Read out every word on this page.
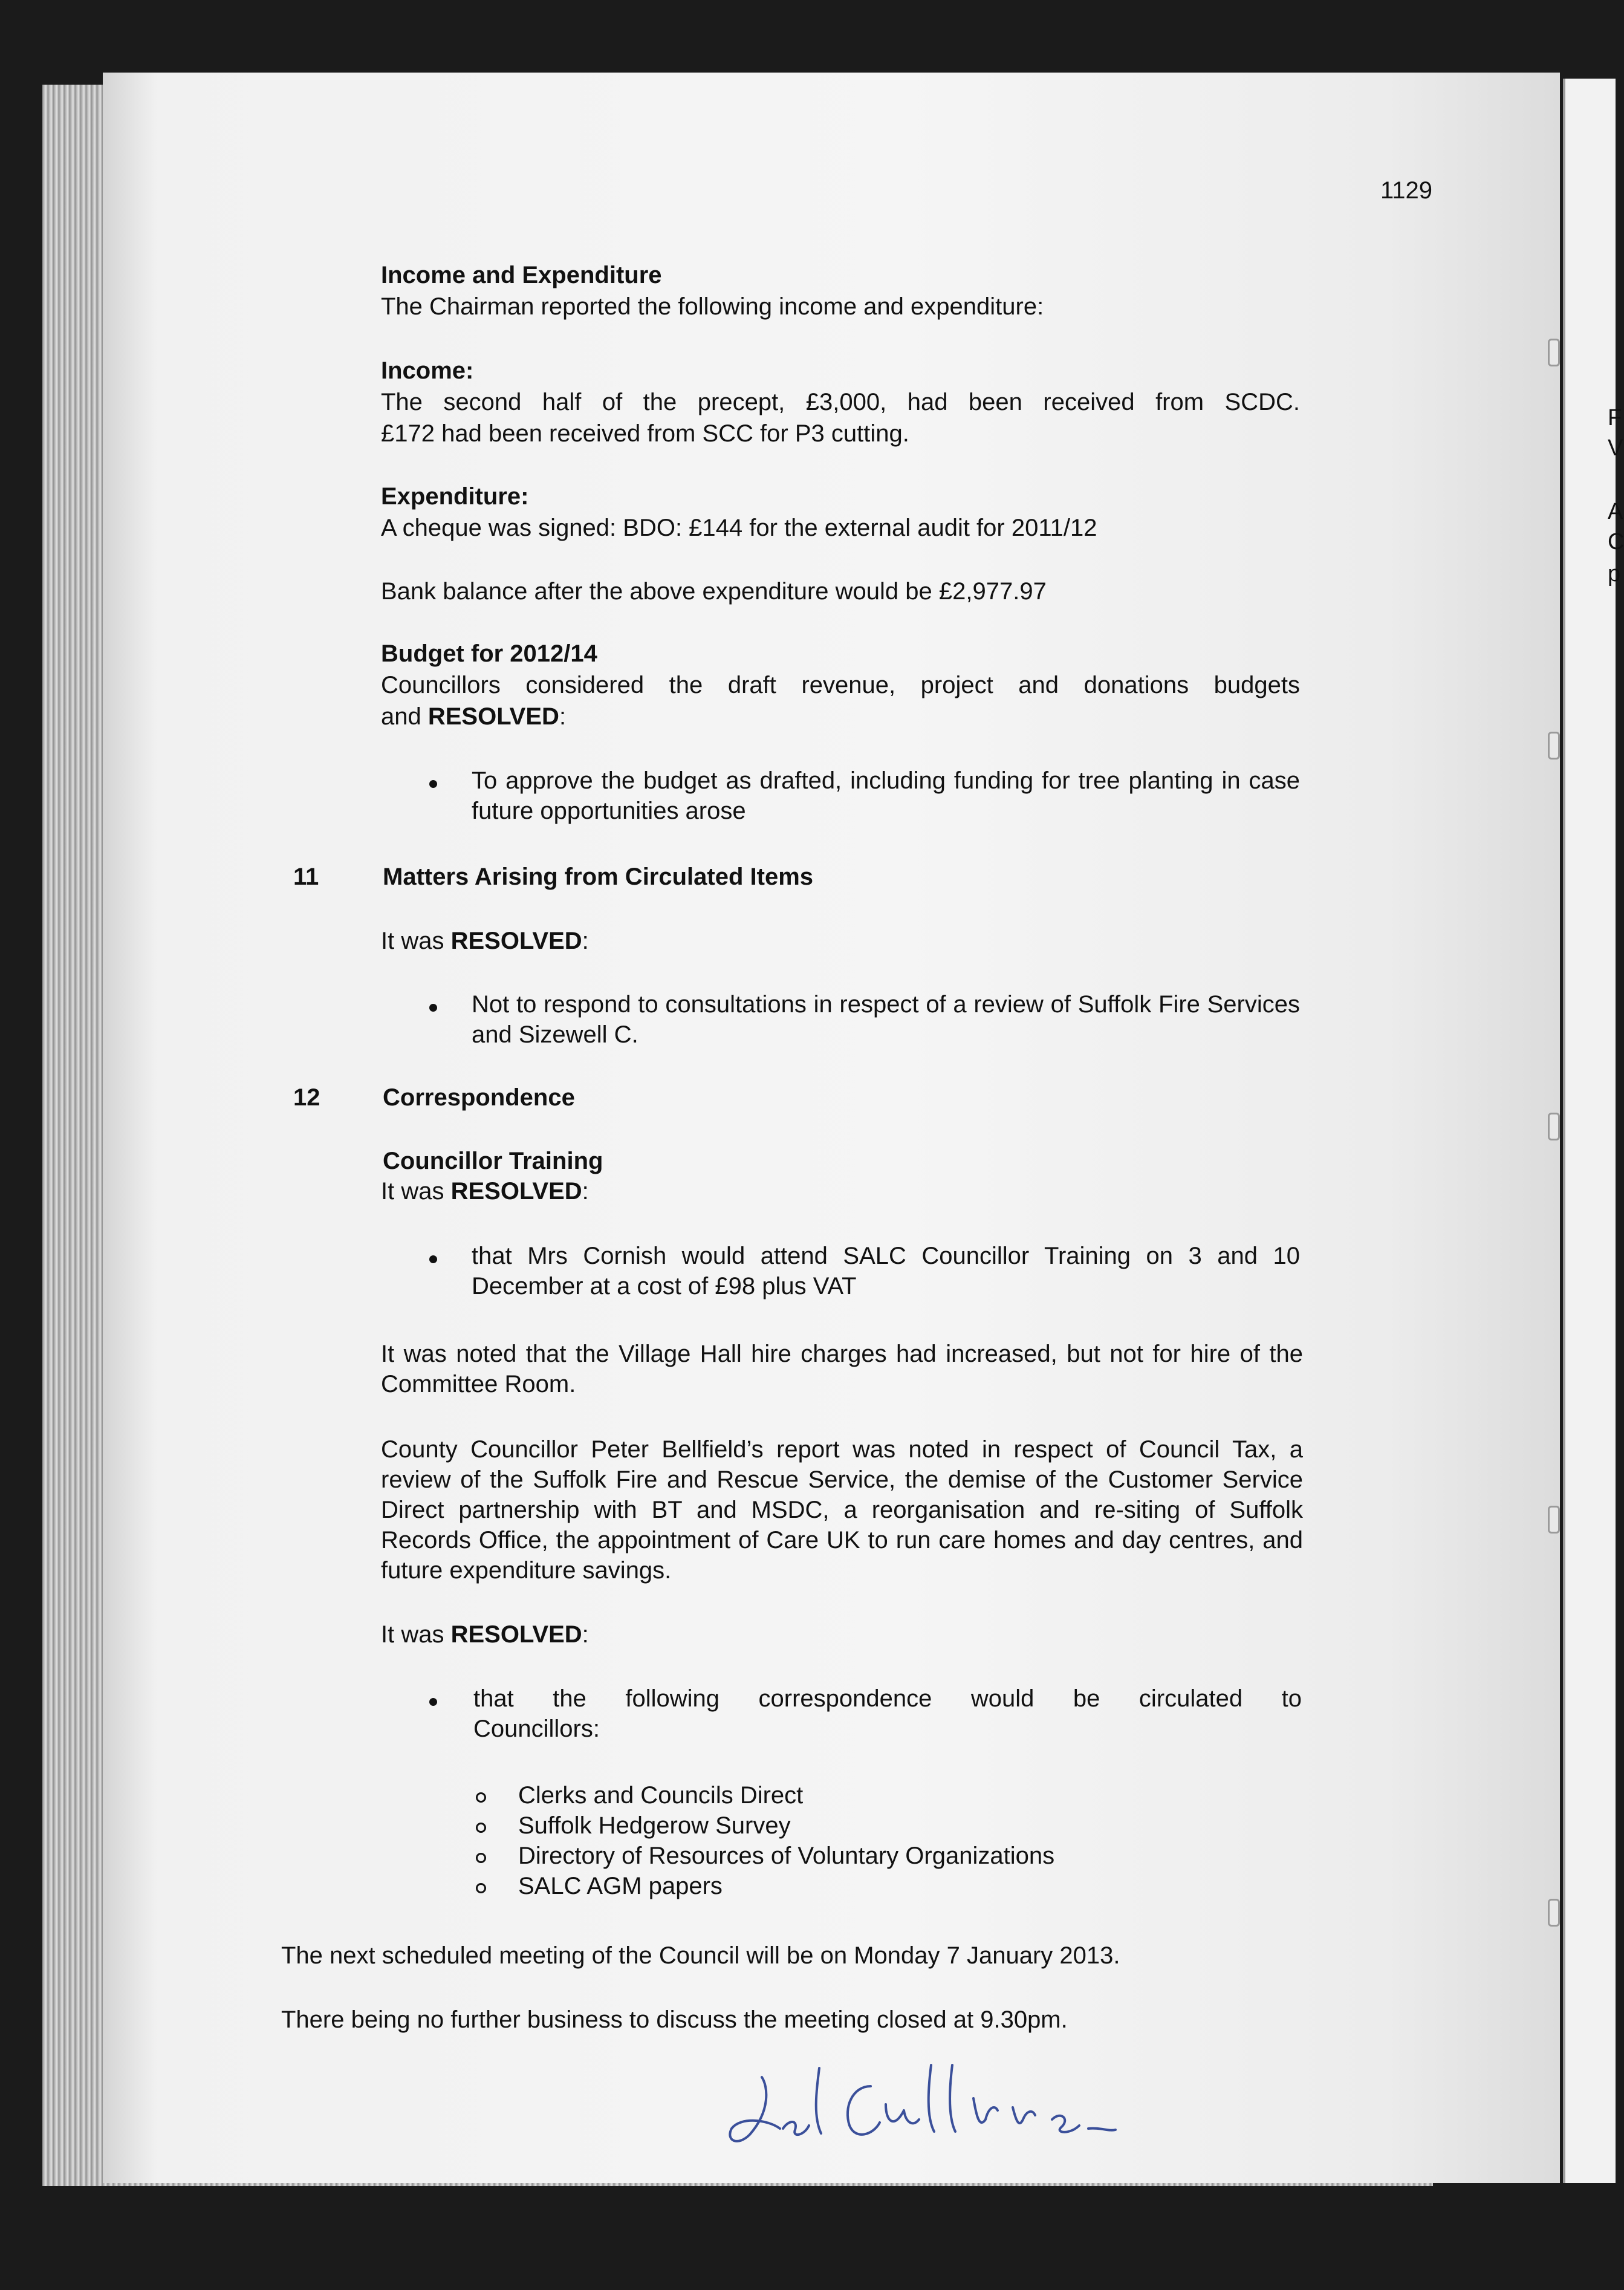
F
V
A
C
p
1129
Income and Expenditure
The Chairman reported the following income and expenditure:
Income:
The second half of the precept, £3,000, had been received from SCDC.
£172 had been received from SCC for P3 cutting.
Expenditure:
A cheque was signed: BDO: £144 for the external audit for 2011/12
Bank balance after the above expenditure would be £2,977.97
Budget for 2012/14
Councillors considered the draft revenue, project and donations budgets
and RESOLVED:
To approve the budget as drafted, including funding for tree planting in case future opportunities arose
11	Matters Arising from Circulated Items
It was RESOLVED:
Not to respond to consultations in respect of a review of Suffolk Fire Services and Sizewell C.
12	Correspondence
Councillor Training
It was RESOLVED:
that Mrs Cornish would attend SALC Councillor Training on 3 and 10 December at a cost of £98 plus VAT
It was noted that the Village Hall hire charges had increased, but not for hire of the Committee Room.
County Councillor Peter Bellfield’s report was noted in respect of Council Tax, a review of the Suffolk Fire and Rescue Service, the demise of the Customer Service Direct partnership with BT and MSDC, a reorganisation and re-siting of Suffolk Records Office, the appointment of Care UK to run care homes and day centres, and future expenditure savings.
It was RESOLVED:
that the following correspondence would be circulated to Councillors:
Clerks and Councils Direct
Suffolk Hedgerow Survey
Directory of Resources of Voluntary Organizations
SALC AGM papers
The next scheduled meeting of the Council will be on Monday 7 January 2013.
There being no further business to discuss the meeting closed at 9.30pm.
